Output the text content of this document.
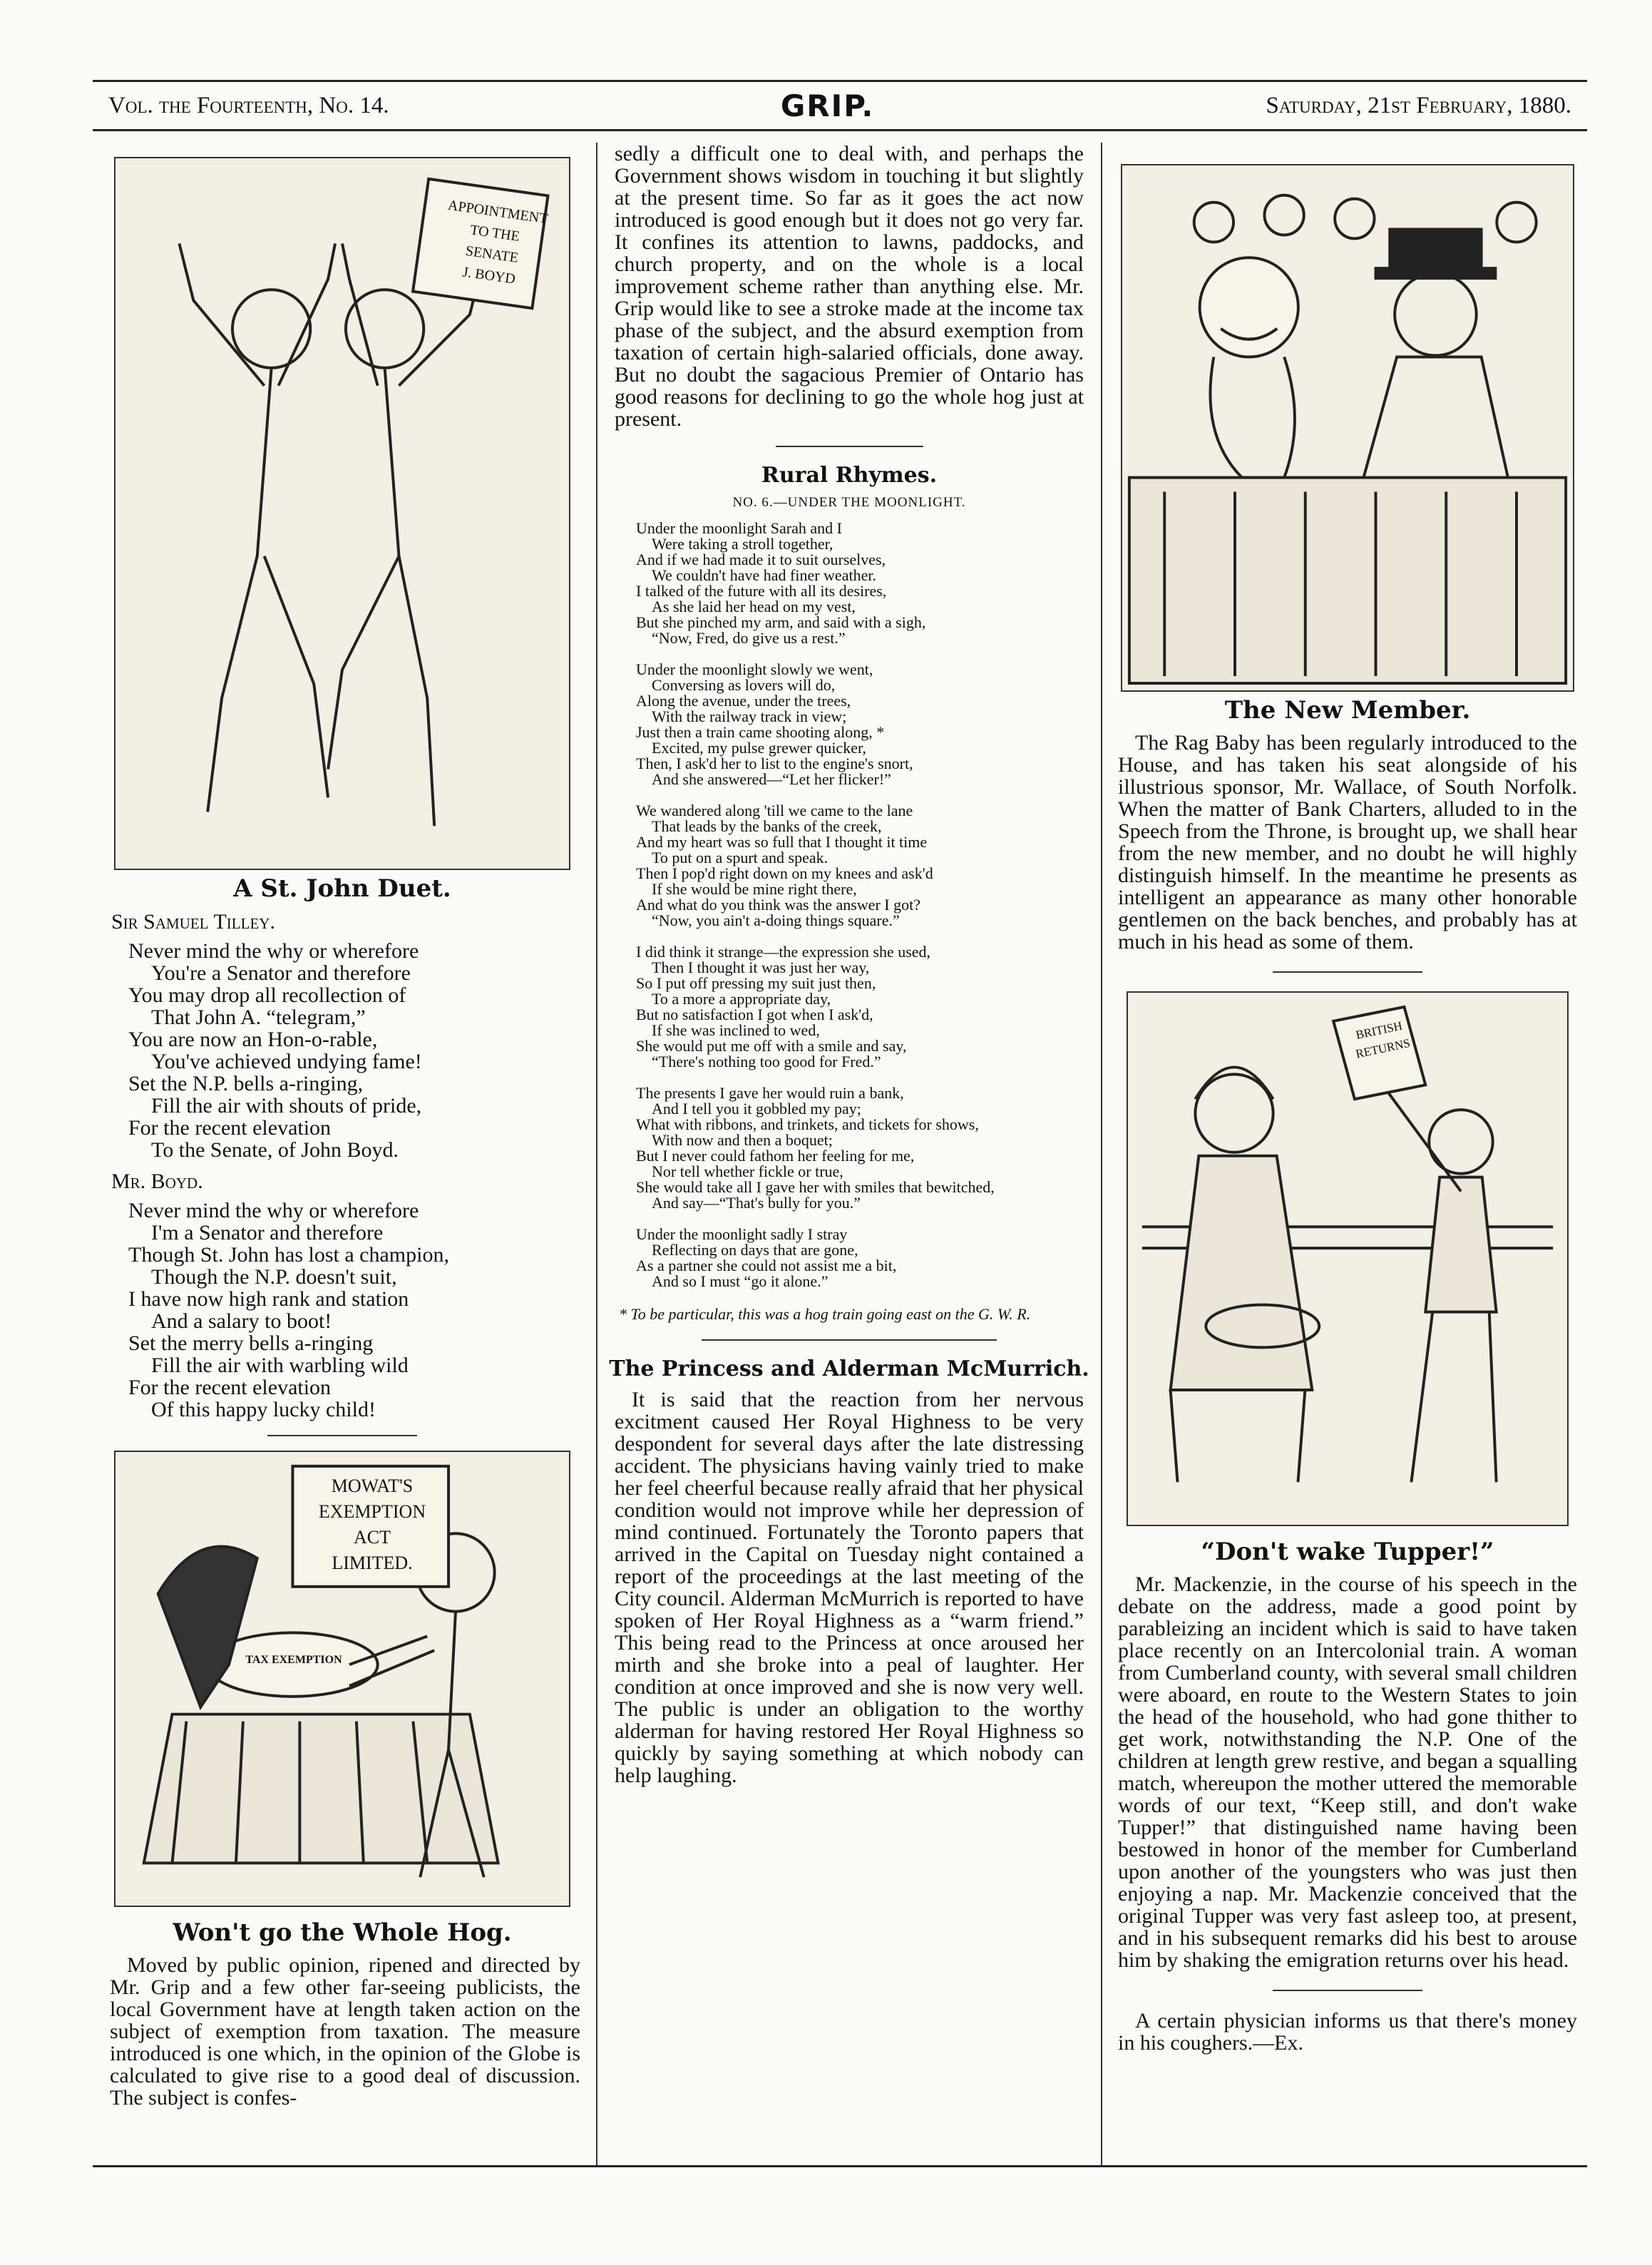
Vol. the Fourteenth, No. 14.	GRIP.	Saturday, 21st February, 1880.
APPOINTMENT
TO THE
SENATE
J. BOYD
A St. John Duet.
Sir Samuel Tilley.
Never mind the why or wherefore
You're a Senator and therefore
You may drop all recollection of
That John A. “telegram,”
You are now an Hon-o-rable,
You've achieved undying fame!
Set the N.P. bells a-ringing,
Fill the air with shouts of pride,
For the recent elevation
To the Senate, of John Boyd.
Mr. Boyd.
Never mind the why or wherefore
I'm a Senator and therefore
Though St. John has lost a champion,
Though the N.P. doesn't suit,
I have now high rank and station
And a salary to boot!
Set the merry bells a-ringing
Fill the air with warbling wild
For the recent elevation
Of this happy lucky child!
MOWAT'S
EXEMPTION
ACT
LIMITED.
TAX EXEMPTION
Won't go the Whole Hog.

Moved by public opinion, ripened and directed by Mr. Grip and a few other far-seeing publicists, the local Government have at length taken action on the subject of exemption from taxation. The measure introduced is one which, in the opinion of the Globe is calculated to give rise to a good deal of discussion. The subject is confes-

sedly a difficult one to deal with, and perhaps the Government shows wisdom in touching it but slightly at the present time. So far as it goes the act now introduced is good enough but it does not go very far. It confines its attention to lawns, paddocks, and church property, and on the whole is a local improvement scheme rather than anything else. Mr. Grip would like to see a stroke made at the income tax phase of the subject, and the absurd exemption from taxation of certain high-salaried officials, done away. But no doubt the sagacious Premier of Ontario has good reasons for declining to go the whole hog just at present.

Rural Rhymes.
NO. 6.—UNDER THE MOONLIGHT.
Under the moonlight Sarah and I
Were taking a stroll together,
And if we had made it to suit ourselves,
We couldn't have had finer weather.
I talked of the future with all its desires,
As she laid her head on my vest,
But she pinched my arm, and said with a sigh,
“Now, Fred, do give us a rest.”
Under the moonlight slowly we went,
Conversing as lovers will do,
Along the avenue, under the trees,
With the railway track in view;
Just then a train came shooting along, *
Excited, my pulse grewer quicker,
Then, I ask'd her to list to the engine's snort,
And she answered—“Let her flicker!”
We wandered along 'till we came to the lane
That leads by the banks of the creek,
And my heart was so full that I thought it time
To put on a spurt and speak.
Then I pop'd right down on my knees and ask'd
If she would be mine right there,
And what do you think was the answer I got?
“Now, you ain't a-doing things square.”
I did think it strange—the expression she used,
Then I thought it was just her way,
So I put off pressing my suit just then,
To a more a appropriate day,
But no satisfaction I got when I ask'd,
If she was inclined to wed,
She would put me off with a smile and say,
“There's nothing too good for Fred.”
The presents I gave her would ruin a bank,
And I tell you it gobbled my pay;
What with ribbons, and trinkets, and tickets for shows,
With now and then a boquet;
But I never could fathom her feeling for me,
Nor tell whether fickle or true,
She would take all I gave her with smiles that bewitched,
And say—“That's bully for you.”
Under the moonlight sadly I stray
Reflecting on days that are gone,
As a partner she could not assist me a bit,
And so I must “go it alone.”
* To be particular, this was a hog train going east on the G. W. R.
The Princess and Alderman McMurrich.

It is said that the reaction from her nervous excitment caused Her Royal Highness to be very despondent for several days after the late distressing accident. The physicians having vainly tried to make her feel cheerful because really afraid that her physical condition would not improve while her depression of mind continued. Fortunately the Toronto papers that arrived in the Capital on Tuesday night contained a report of the proceedings at the last meeting of the City council. Alderman McMurrich is reported to have spoken of Her Royal Highness as a “warm friend.” This being read to the Princess at once aroused her mirth and she broke into a peal of laughter. Her condition at once improved and she is now very well. The public is under an obligation to the worthy alderman for having restored Her Royal Highness so quickly by saying something at which nobody can help laughing.

The New Member.

The Rag Baby has been regularly introduced to the House, and has taken his seat alongside of his illustrious sponsor, Mr. Wallace, of South Norfolk. When the matter of Bank Charters, alluded to in the Speech from the Throne, is brought up, we shall hear from the new member, and no doubt he will highly distinguish himself. In the meantime he presents as intelligent an appearance as many other honorable gentlemen on the back benches, and probably has at much in his head as some of them.

BRITISH
RETURNS
“Don't wake Tupper!”

Mr. Mackenzie, in the course of his speech in the debate on the address, made a good point by parableizing an incident which is said to have taken place recently on an Intercolonial train. A woman from Cumberland county, with several small children were aboard, en route to the Western States to join the head of the household, who had gone thither to get work, notwithstanding the N.P. One of the children at length grew restive, and began a squalling match, whereupon the mother uttered the memorable words of our text, “Keep still, and don't wake Tupper!” that distinguished name having been bestowed in honor of the member for Cumberland upon another of the youngsters who was just then enjoying a nap. Mr. Mackenzie conceived that the original Tupper was very fast asleep too, at present, and in his subsequent remarks did his best to arouse him by shaking the emigration returns over his head.

A certain physician informs us that there's money in his coughers.—Ex.
